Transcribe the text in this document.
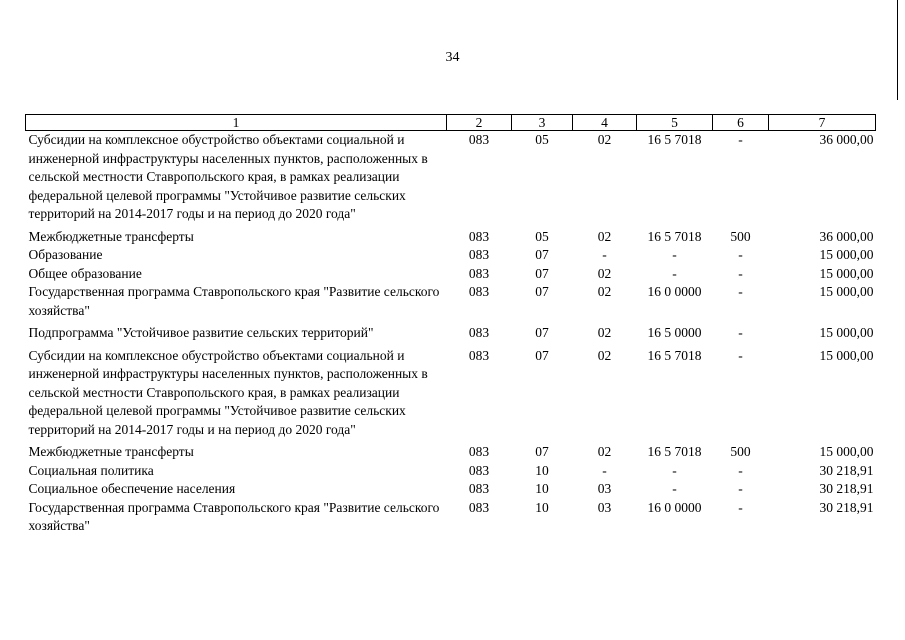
34
1	2	3	4	5	6	7
Субсидии на комплексное обустройство объектами социальной и инженерной инфраструктуры населенных пунктов, расположенных в сельской местности Ставропольского края, в рамках реализации федеральной целевой программы "Устойчивое развитие сельских территорий на 2014-2017 годы и на период до 2020 года"	083	05	02	16 5 7018	-	36 000,00
Межбюджетные трансферты	083	05	02	16 5 7018	500	36 000,00
Образование	083	07	-	-	-	15 000,00
Общее образование	083	07	02	-	-	15 000,00
Государственная программа Ставропольского края "Развитие сельского хозяйства"	083	07	02	16 0 0000	-	15 000,00
Подпрограмма "Устойчивое развитие сельских территорий"	083	07	02	16 5 0000	-	15 000,00
Субсидии на комплексное обустройство объектами социальной и инженерной инфраструктуры населенных пунктов, расположенных в сельской местности Ставропольского края, в рамках реализации федеральной целевой программы "Устойчивое развитие сельских территорий на 2014-2017 годы и на период до 2020 года"	083	07	02	16 5 7018	-	15 000,00
Межбюджетные трансферты	083	07	02	16 5 7018	500	15 000,00
Социальная политика	083	10	-	-	-	30 218,91
Социальное обеспечение населения	083	10	03	-	-	30 218,91
Государственная программа Ставропольского края "Развитие сельского хозяйства"	083	10	03	16 0 0000	-	30 218,91
